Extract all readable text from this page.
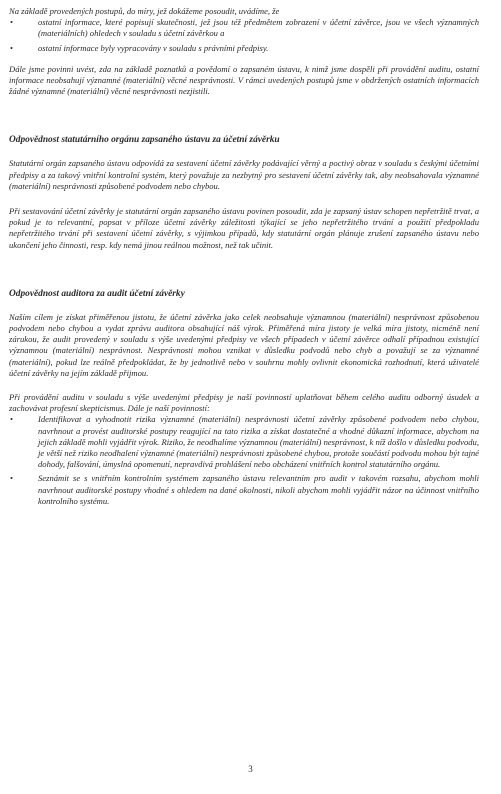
Na základě provedených postupů, do míry, jež dokážeme posoudit, uvádíme, že

•	ostatní informace, které popisují skutečnosti, jež jsou též předmětem zobrazení v účetní závěrce, jsou ve všech významných (materiálních) ohledech v souladu s účetní závěrkou a
•	ostatní informace byly vypracovány v souladu s právními předpisy.

Dále jsme povinni uvést, zda na základě poznatků a povědomí o zapsaném ústavu, k nimž jsme dospěli při provádění auditu, ostatní informace neobsahují významné (materiální) věcné nesprávnosti. V rámci uvedených postupů jsme v obdržených ostatních informacích žádné významné (materiální) věcné nesprávnosti nezjistili.

Odpovědnost statutárního orgánu zapsaného ústavu za účetní závěrku

Statutární orgán zapsaného ústavu odpovídá za sestavení účetní závěrky podávající věrný a poctivý obraz v souladu s českými účetními předpisy a za takový vnitřní kontrolní systém, který považuje za nezbytný pro sestavení účetní závěrky tak, aby neobsahovala významné (materiální) nesprávnosti způsobené podvodem nebo chybou.

Při sestavování účetní závěrky je statutární orgán zapsaného ústavu povinen posoudit, zda je zapsaný ústav schopen nepřetržitě trvat, a pokud je to relevantní, popsat v příloze účetní závěrky záležitosti týkající se jeho nepřetržitého trvání a použití předpokladu nepřetržitého trvání při sestavení účetní závěrky, s výjimkou případů, kdy statutární orgán plánuje zrušení zapsaného ústavu nebo ukončení jeho činnosti, resp. kdy nemá jinou reálnou možnost, než tak učinit.

Odpovědnost auditora za audit účetní závěrky

Naším cílem je získat přiměřenou jistotu, že účetní závěrka jako celek neobsahuje významnou (materiální) nesprávnost způsobenou podvodem nebo chybou a vydat zprávu auditora obsahující náš výrok. Přiměřená míra jistoty je velká míra jistoty, nicméně není zárukou, že audit provedený v souladu s výše uvedenými předpisy ve všech případech v účetní závěrce odhalí případnou existující významnou (materiální) nesprávnost. Nesprávnosti mohou vznikat v důsledku podvodů nebo chyb a považují se za významné (materiální), pokud lze reálně předpokládat, že by jednotlivě nebo v souhrnu mohly ovlivnit ekonomická rozhodnutí, která uživatelé účetní závěrky na jejím základě přijmou.

Při provádění auditu v souladu s výše uvedenými předpisy je naší povinností uplatňovat během celého auditu odborný úsudek a zachovávat profesní skepticismus. Dále je naší povinností:

•	Identifikovat a vyhodnotit rizika významné (materiální) nesprávnosti účetní závěrky způsobené podvodem nebo chybou, navrhnout a provést auditorské postupy reagující na tato rizika a získat dostatečné a vhodné důkazní informace, abychom na jejich základě mohli vyjádřit výrok. Riziko, že neodhalíme významnou (materiální) nesprávnost, k níž došlo v důsledku podvodu, je větší než riziko neodhalení významné (materiální) nesprávnosti způsobené chybou, protože součástí podvodu mohou být tajné dohody, falšování, úmyslná opomenutí, nepravdivá prohlášení nebo obcházení vnitřních kontrol statutárního orgánu.
•	Seznámit se s vnitřním kontrolním systémem zapsaného ústavu relevantním pro audit v takovém rozsahu, abychom mohli navrhnout auditorské postupy vhodné s ohledem na dané okolnosti, nikoli abychom mohli vyjádřit názor na účinnost vnitřního kontrolního systému.
3
